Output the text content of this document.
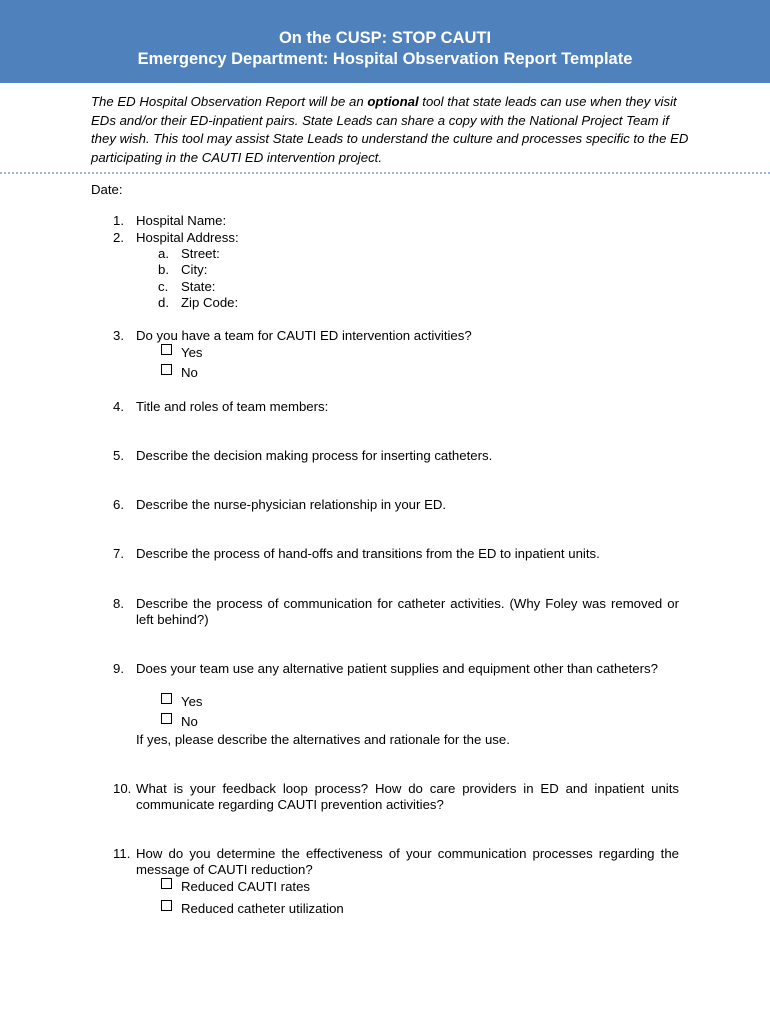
On the CUSP: STOP CAUTI
Emergency Department: Hospital Observation Report Template
The ED Hospital Observation Report will be an optional tool that state leads can use when they visit EDs and/or their ED-inpatient pairs. State Leads can share a copy with the National Project Team if they wish. This tool may assist State Leads to understand the culture and processes specific to the ED participating in the CAUTI ED intervention project.
Date:
1. Hospital Name:
2. Hospital Address:
a. Street:
b. City:
c. State:
d. Zip Code:
3. Do you have a team for CAUTI ED intervention activities?
Yes
No
4. Title and roles of team members:
5. Describe the decision making process for inserting catheters.
6. Describe the nurse-physician relationship in your ED.
7. Describe the process of hand-offs and transitions from the ED to inpatient units.
8. Describe the process of communication for catheter activities. (Why Foley was removed or left behind?)
9. Does your team use any alternative patient supplies and equipment other than catheters?
Yes
No
If yes, please describe the alternatives and rationale for the use.
10. What is your feedback loop process? How do care providers in ED and inpatient units communicate regarding CAUTI prevention activities?
11. How do you determine the effectiveness of your communication processes regarding the message of CAUTI reduction?
Reduced CAUTI rates
Reduced catheter utilization
